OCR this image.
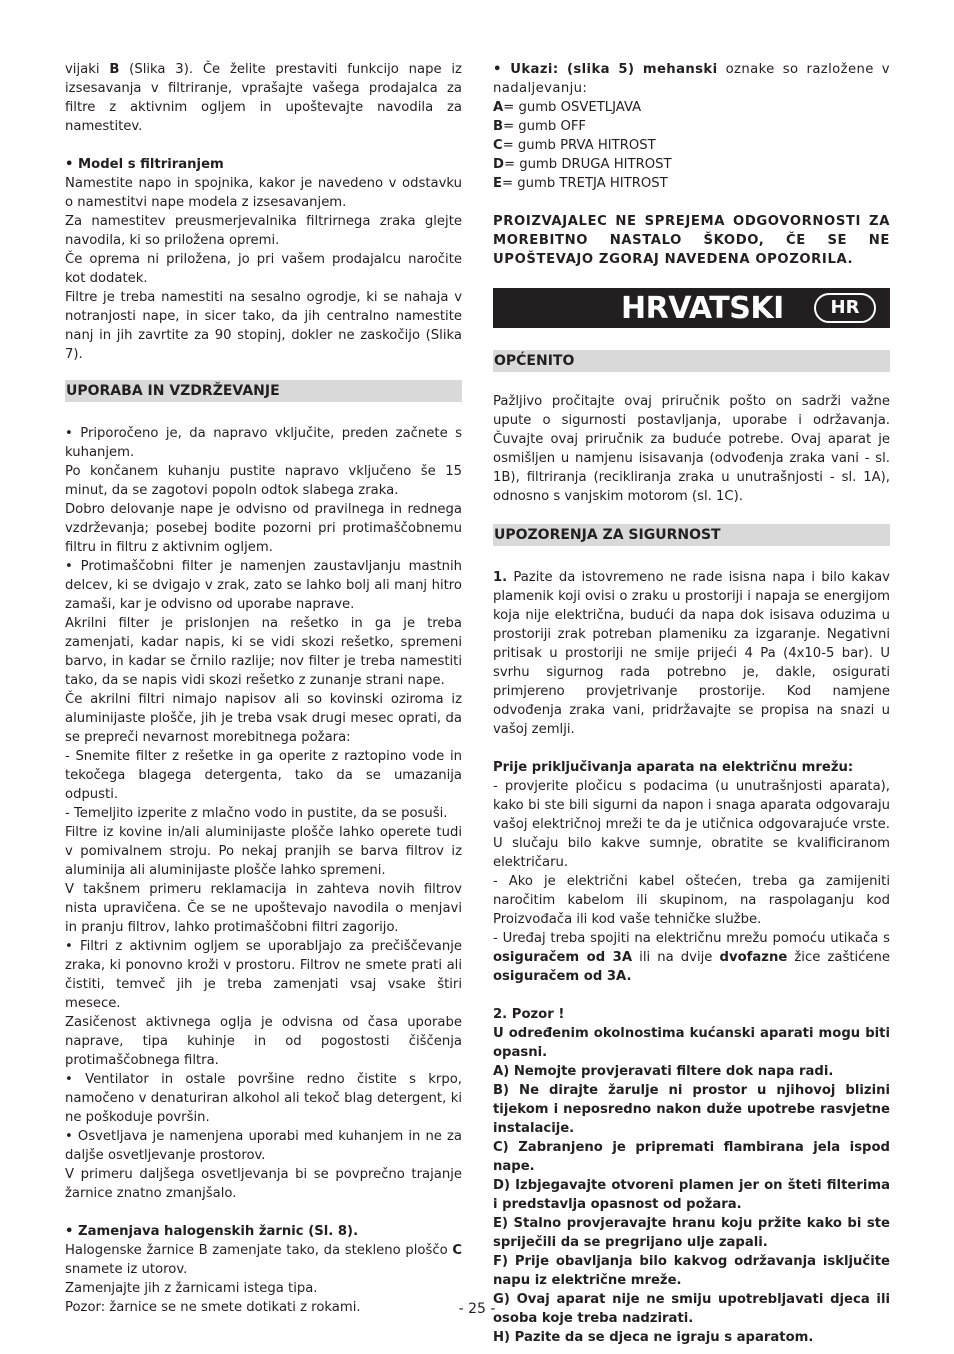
vijaki B (Slika 3). Če želite prestaviti funkcijo nape iz izsesavanja v filtriranje, vprašajte vašega prodajalca za filtre z aktivnim ogljem in upoštevajte navodila za namestitev.

• Model s filtriranjem

Namestite napo in spojnika, kakor je navedeno v odstavku o namestitvi nape modela z izsesavanjem.

Za namestitev preusmerjevalnika filtrirnega zraka glejte navodila, ki so priložena opremi.

Če oprema ni priložena, jo pri vašem prodajalcu naročite kot dodatek.

Filtre je treba namestiti na sesalno ogrodje, ki se nahaja v notranjosti nape, in sicer tako, da jih centralno namestite nanj in jih zavrtite za 90 stopinj, dokler ne zaskočijo (Slika 7).

UPORABA IN VZDRŽEVANJE

• Priporočeno je, da napravo vključite, preden začnete s kuhanjem.

Po končanem kuhanju pustite napravo vključeno še 15 minut, da se zagotovi popoln odtok slabega zraka.

Dobro delovanje nape je odvisno od pravilnega in rednega vzdrževanja; posebej bodite pozorni pri protimaščobnemu filtru in filtru z aktivnim ogljem.

• Protimaščobni filter je namenjen zaustavljanju mastnih delcev, ki se dvigajo v zrak, zato se lahko bolj ali manj hitro zamaši, kar je odvisno od uporabe naprave.

Akrilni filter je prislonjen na rešetko in ga je treba zamenjati, kadar napis, ki se vidi skozi rešetko, spremeni barvo, in kadar se črnilo razlije; nov filter je treba namestiti tako, da se napis vidi skozi rešetko z zunanje strani nape.

Če akrilni filtri nimajo napisov ali so kovinski oziroma iz aluminijaste ploščе, jih je treba vsak drugi mesec oprati, da se prepreči nevarnost morebitnega požara:

- Snemite filter z rešetke in ga operite z raztopino vode in tekočega blagega detergenta, tako da se umazanija odpusti.

- Temeljito izperite z mlačno vodo in pustite, da se posuši.

Filtre iz kovine in/ali aluminijaste plošče lahko operete tudi v pomivalnem stroju. Po nekaj pranjih se barva filtrov iz aluminija ali aluminijaste plošče lahko spremeni.

V takšnem primeru reklamacija in zahteva novih filtrov nista upravičena. Če se ne upoštevajo navodila o menjavi in pranju filtrov, lahko protimaščobni filtri zagorijo.

• Filtri z aktivnim ogljem se uporabljajo za prečiščevanje zraka, ki ponovno kroži v prostoru. Filtrov ne smete prati ali čistiti, temveč jih je treba zamenjati vsaj vsake štiri mesece.

Zasičenost aktivnega oglja je odvisna od časa uporabe naprave, tipa kuhinje in od pogostosti čiščenja protimaščobnega filtra.

• Ventilator in ostale površine redno čistite s krpo, namočeno v denaturiran alkohol ali tekoč blag detergent, ki ne poškoduje površin.

• Osvetljava je namenjena uporabi med kuhanjem in ne za daljše osvetljevanje prostorov.

V primeru daljšega osvetljevanja bi se povprečno trajanje žarnice znatno zmanjšalo.

• Zamenjava halogenskih žarnic (Sl. 8).

Halogenske žarnice B zamenjate tako, da stekleno ploščo C snamete iz utorov.

Zamenjajte jih z žarnicami istega tipa.

Pozor: žarnice se ne smete dotikati z rokami.

• Ukazi: (slika 5) mehanski oznake so razložene v nadaljevanju:

A= gumb OSVETLJAVA

B= gumb OFF

C= gumb PRVA HITROST

D= gumb DRUGA HITROST

E= gumb TRETJA HITROST

PROIZVAJALEC NE SPREJEMA ODGOVORNOSTI ZA MOREBITNO NASTALO ŠKODO, ČE SE NE UPOŠTEVAJO ZGORAJ NAVEDENA OPOZORILA.

HRVATSKI	HR
OPĆENITO

Pažljivo pročitajte ovaj priručnik pošto on sadrži važne upute o sigurnosti postavljanja, uporabe i održavanja. Čuvajte ovaj priručnik za buduće potrebe. Ovaj aparat je osmišljen u namjenu isisavanja (odvođenja zraka vani - sl. 1B), filtriranja (recikliranja zraka u unutrašnjosti - sl. 1A), odnosno s vanjskim motorom (sl. 1C).

UPOZORENJA ZA SIGURNOST

1. Pazite da istovremeno ne rade isisna napa i bilo kakav plamenik koji ovisi o zraku u prostoriji i napaja se energijom koja nije električna, budući da napa dok isisava oduzima u prostoriji zrak potreban plameniku za izgaranje. Negativni pritisak u prostoriji ne smije prijeći 4 Pa (4x10-5 bar). U svrhu sigurnog rada potrebno je, dakle, osigurati primjereno provjetrivanje prostorije. Kod namjene odvođenja zraka vani, pridržavajte se propisa na snazi u vašoj zemlji.

Prije priključivanja aparata na električnu mrežu:

- provjerite pločicu s podacima (u unutrašnjosti aparata), kako bi ste bili sigurni da napon i snaga aparata odgovaraju vašoj električnoj mreži te da je utičnica odgovarajuće vrste. U slučaju bilo kakve sumnje, obratite se kvalificiranom električaru.

- Ako je električni kabel oštećen, treba ga zamijeniti naročitim kabelom ili skupinom, na raspolaganju kod Proizvođača ili kod vaše tehničke službe.

- Uređaj treba spojiti na električnu mrežu pomoću utikača s osiguračem od 3A ili na dvije dvofazne žice zaštićene osiguračem od 3A.

2. Pozor !

U određenim okolnostima kućanski aparati mogu biti opasni.

A) Nemojte provjeravati filtere dok napa radi.

B) Ne dirajte žarulje ni prostor u njihovoj blizini tijekom i neposredno nakon duže upotrebe rasvjetne instalacije.

C) Zabranjeno je pripremati flambirana jela ispod nape.

D) Izbjegavajte otvoreni plamen jer on šteti filterima i predstavlja opasnost od požara.

E) Stalno provjeravajte hranu koju pržite kako bi ste spriječili da se pregrijano ulje zapali.

F) Prije obavljanja bilo kakvog održavanja isključite napu iz električne mreže.

G) Ovaj aparat nije ne smiju upotrebljavati djeca ili osoba koje treba nadzirati.

H) Pazite da se djeca ne igraju s aparatom.

- 25 -
